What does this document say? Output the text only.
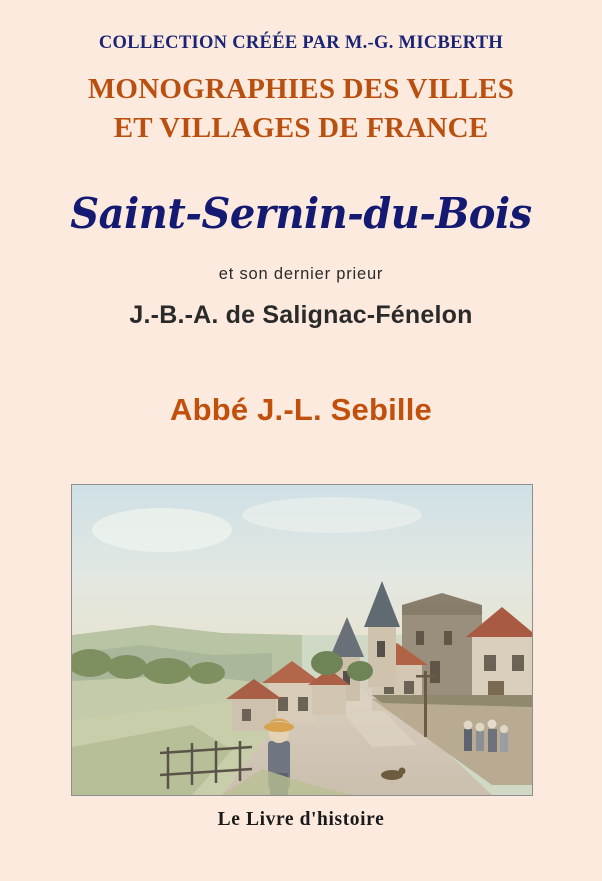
COLLECTION CRÉÉE PAR M.-G. MICBERTH
MONOGRAPHIES DES VILLES
ET VILLAGES DE FRANCE
Saint-Sernin-du-Bois
et son dernier prieur
J.-B.-A. de Salignac-Fénelon
Abbé J.-L. Sebille
Le Livre d'histoire
